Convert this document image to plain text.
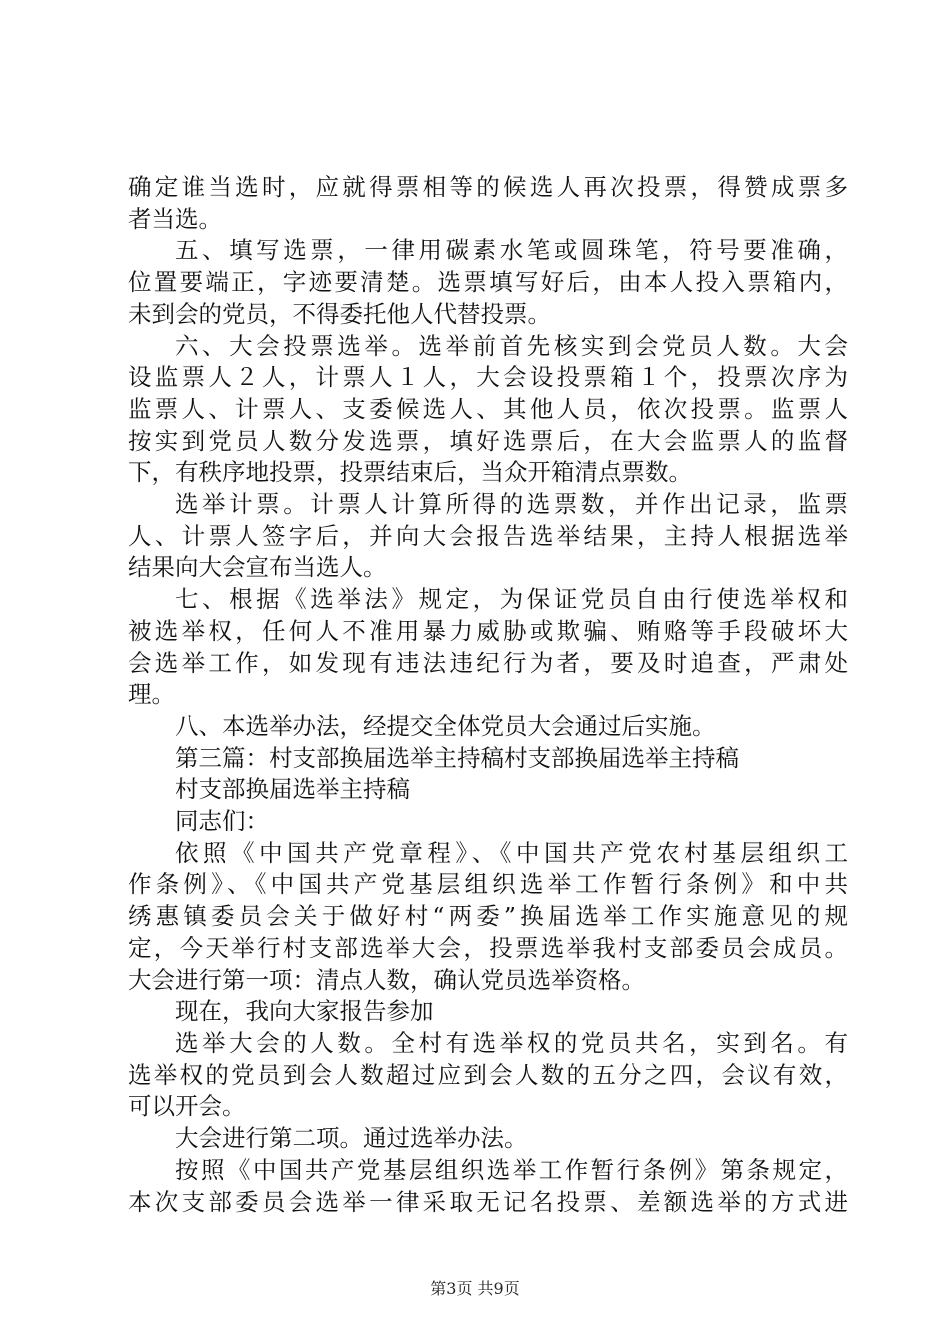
确定谁当选时，应就得票相等的候选人再次投票，得赞成票多
者当选。
五、填写选票，一律用碳素水笔或圆珠笔，符号要准确，
位置要端正，字迹要清楚。选票填写好后，由本人投入票箱内，
未到会的党员，不得委托他人代替投票。
六、大会投票选举。选举前首先核实到会党员人数。大会
设监票人２人，计票人１人，大会设投票箱１个，投票次序为
监票人、计票人、支委候选人、其他人员，依次投票。监票人
按实到党员人数分发选票，填好选票后，在大会监票人的监督
下，有秩序地投票，投票结束后，当众开箱清点票数。
选举计票。计票人计算所得的选票数，并作出记录，监票
人、计票人签字后，并向大会报告选举结果，主持人根据选举
结果向大会宣布当选人。
七、根据《选举法》规定，为保证党员自由行使选举权和
被选举权，任何人不准用暴力威胁或欺骗、贿赂等手段破坏大
会选举工作，如发现有违法违纪行为者，要及时追查，严肃处
理。
八、本选举办法，经提交全体党员大会通过后实施。
第三篇：村支部换届选举主持稿村支部换届选举主持稿
村支部换届选举主持稿
同志们：
依照《中国共产党章程》、《中国共产党农村基层组织工
作条例》、《中国共产党基层组织选举工作暂行条例》和中共
绣惠镇委员会关于做好村“两委”换届选举工作实施意见的规
定，今天举行村支部选举大会，投票选举我村支部委员会成员。
大会进行第一项：清点人数，确认党员选举资格。
现在，我向大家报告参加
选举大会的人数。全村有选举权的党员共名，实到名。有
选举权的党员到会人数超过应到会人数的五分之四，会议有效，
可以开会。
大会进行第二项。通过选举办法。
按照《中国共产党基层组织选举工作暂行条例》第条规定，
本次支部委员会选举一律采取无记名投票、差额选举的方式进
第3页 共9页
